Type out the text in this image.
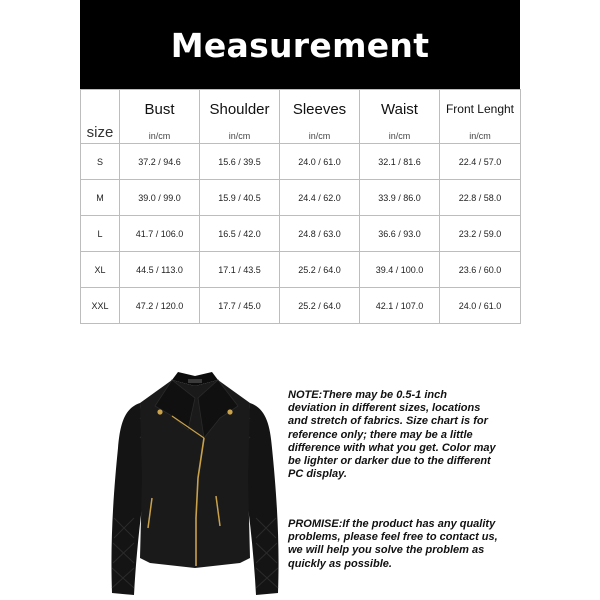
Measurement
size	Bust	Shoulder	Sleeves	Waist	Front Lenght
	in/cm	in/cm	in/cm	in/cm	in/cm
S	37.2 / 94.6	15.6 / 39.5	24.0 / 61.0	32.1 / 81.6	22.4 / 57.0
M	39.0 / 99.0	15.9 / 40.5	24.4 / 62.0	33.9 / 86.0	22.8 / 58.0
L	41.7 / 106.0	16.5 / 42.0	24.8 / 63.0	36.6 / 93.0	23.2 / 59.0
XL	44.5 / 113.0	17.1 / 43.5	25.2 / 64.0	39.4 / 100.0	23.6 / 60.0
XXL	47.2 / 120.0	17.7 / 45.0	25.2 / 64.0	42.1 / 107.0	24.0 / 61.0
NOTE:There may be 0.5-1 inch deviation in different sizes, locations and stretch of fabrics. Size chart is for reference only; there may be a little difference with what you get. Color may be lighter or darker due to the different PC display.
PROMISE:If the product has any quality problems, please feel free to contact us, we will help you solve the problem as quickly as possible.
